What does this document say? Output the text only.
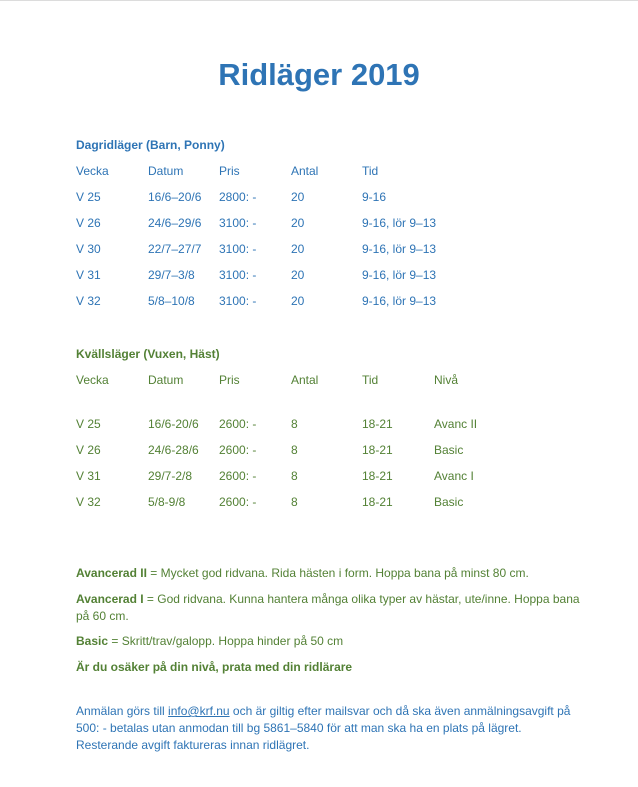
Ridläger 2019
Dagridläger (Barn, Ponny)
Vecka	Datum	Pris	Antal	Tid
V 25	16/6–20/6 2800: -	20	9-16
V 26	24/6–29/6 3100: -	20	9-16, lör 9–13
V 30	22/7–27/7 3100: -	20	9-16, lör 9–13
V 31	29/7–3/8 3100: -	20	9-16, lör 9–13
V 32	5/8–10/8 3100: -	20	9-16, lör 9–13
Kvällsläger (Vuxen, Häst)
Vecka	Datum	Pris	Antal	Tid	Nivå
V 25	16/6-20/6 2600: -	8	18-21	Avanc II
V 26	24/6-28/6 2600: -	8	18-21	Basic
V 31	29/7-2/8 2600: -	8	18-21	Avanc I
V 32	5/8-9/8	2600: -	8	18-21	Basic
Avancerad II = Mycket god ridvana. Rida hästen i form. Hoppa bana på minst 80 cm.
Avancerad I = God ridvana. Kunna hantera många olika typer av hästar, ute/inne. Hoppa bana på 60 cm.
Basic = Skritt/trav/galopp. Hoppa hinder på 50 cm
Är du osäker på din nivå, prata med din ridlärare
Anmälan görs till info@krf.nu och är giltig efter mailsvar och då ska även anmälningsavgift på 500: - betalas utan anmodan till bg 5861–5840 för att man ska ha en plats på lägret. Resterande avgift faktureras innan ridlägret.
